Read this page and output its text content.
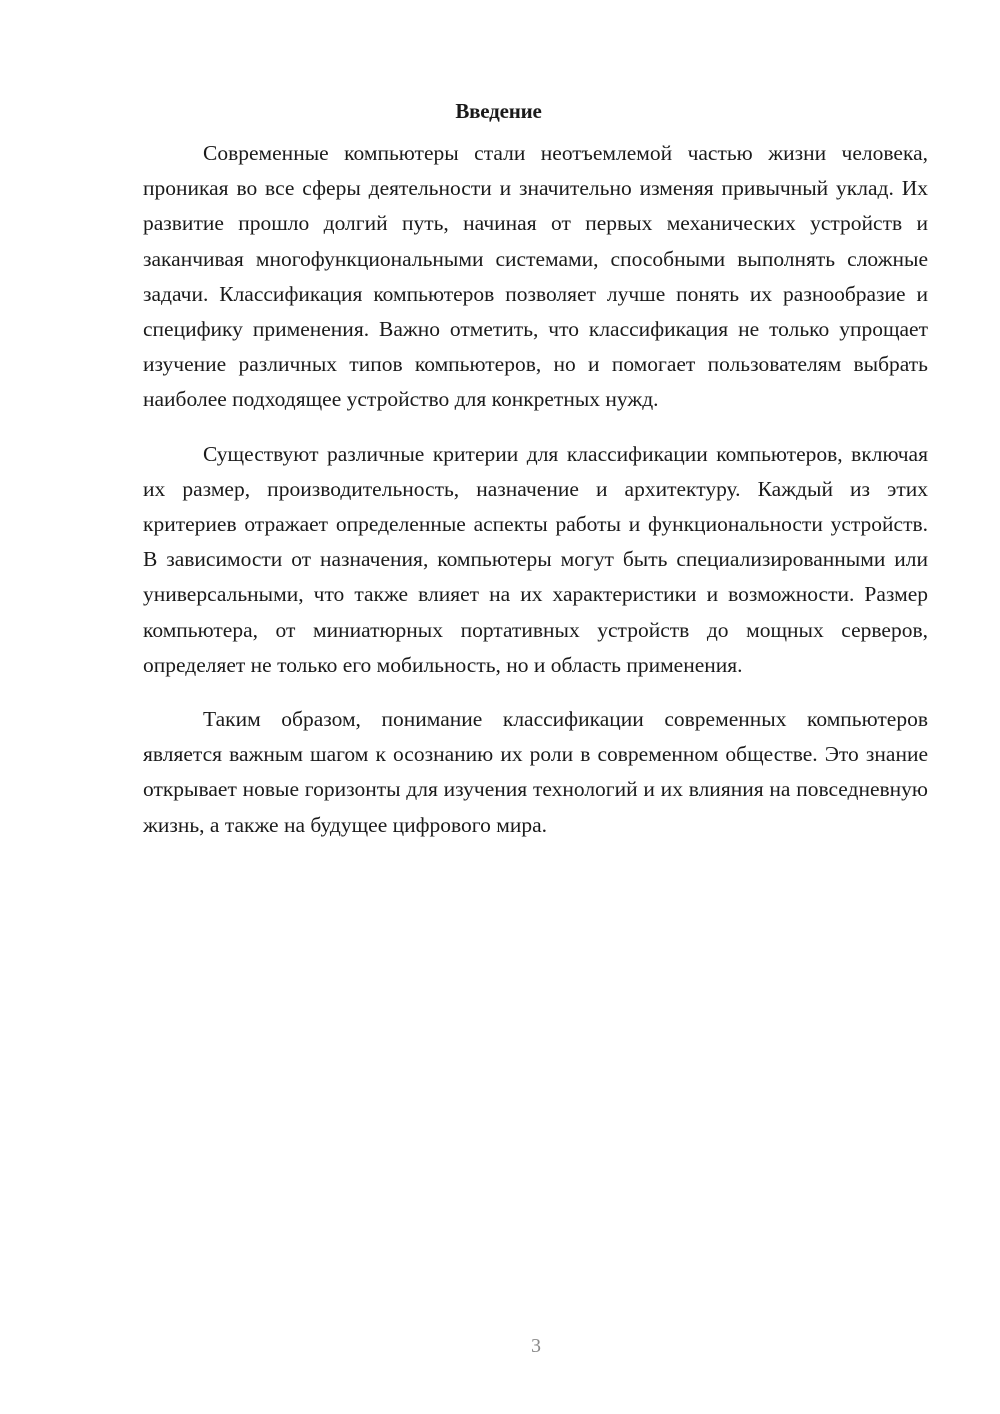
Введение

Современные компьютеры стали неотъемлемой частью жизни человека, проникая во все сферы деятельности и значительно изменяя привычный уклад. Их развитие прошло долгий путь, начиная от первых механических устройств и заканчивая многофункциональными системами, способными выполнять сложные задачи. Классификация компьютеров позволяет лучше понять их разнообразие и специфику применения. Важно отметить, что классификация не только упрощает изучение различных типов компьютеров, но и помогает пользователям выбрать наиболее подходящее устройство для конкретных нужд.

Существуют различные критерии для классификации компьютеров, включая их размер, производительность, назначение и архитектуру. Каждый из этих критериев отражает определенные аспекты работы и функциональности устройств. В зависимости от назначения, компьютеры могут быть специализированными или универсальными, что также влияет на их характеристики и возможности. Размер компьютера, от миниатюрных портативных устройств до мощных серверов, определяет не только его мобильность, но и область применения.

Таким образом, понимание классификации современных компьютеров является важным шагом к осознанию их роли в современном обществе. Это знание открывает новые горизонты для изучения технологий и их влияния на повседневную жизнь, а также на будущее цифрового мира.

3
